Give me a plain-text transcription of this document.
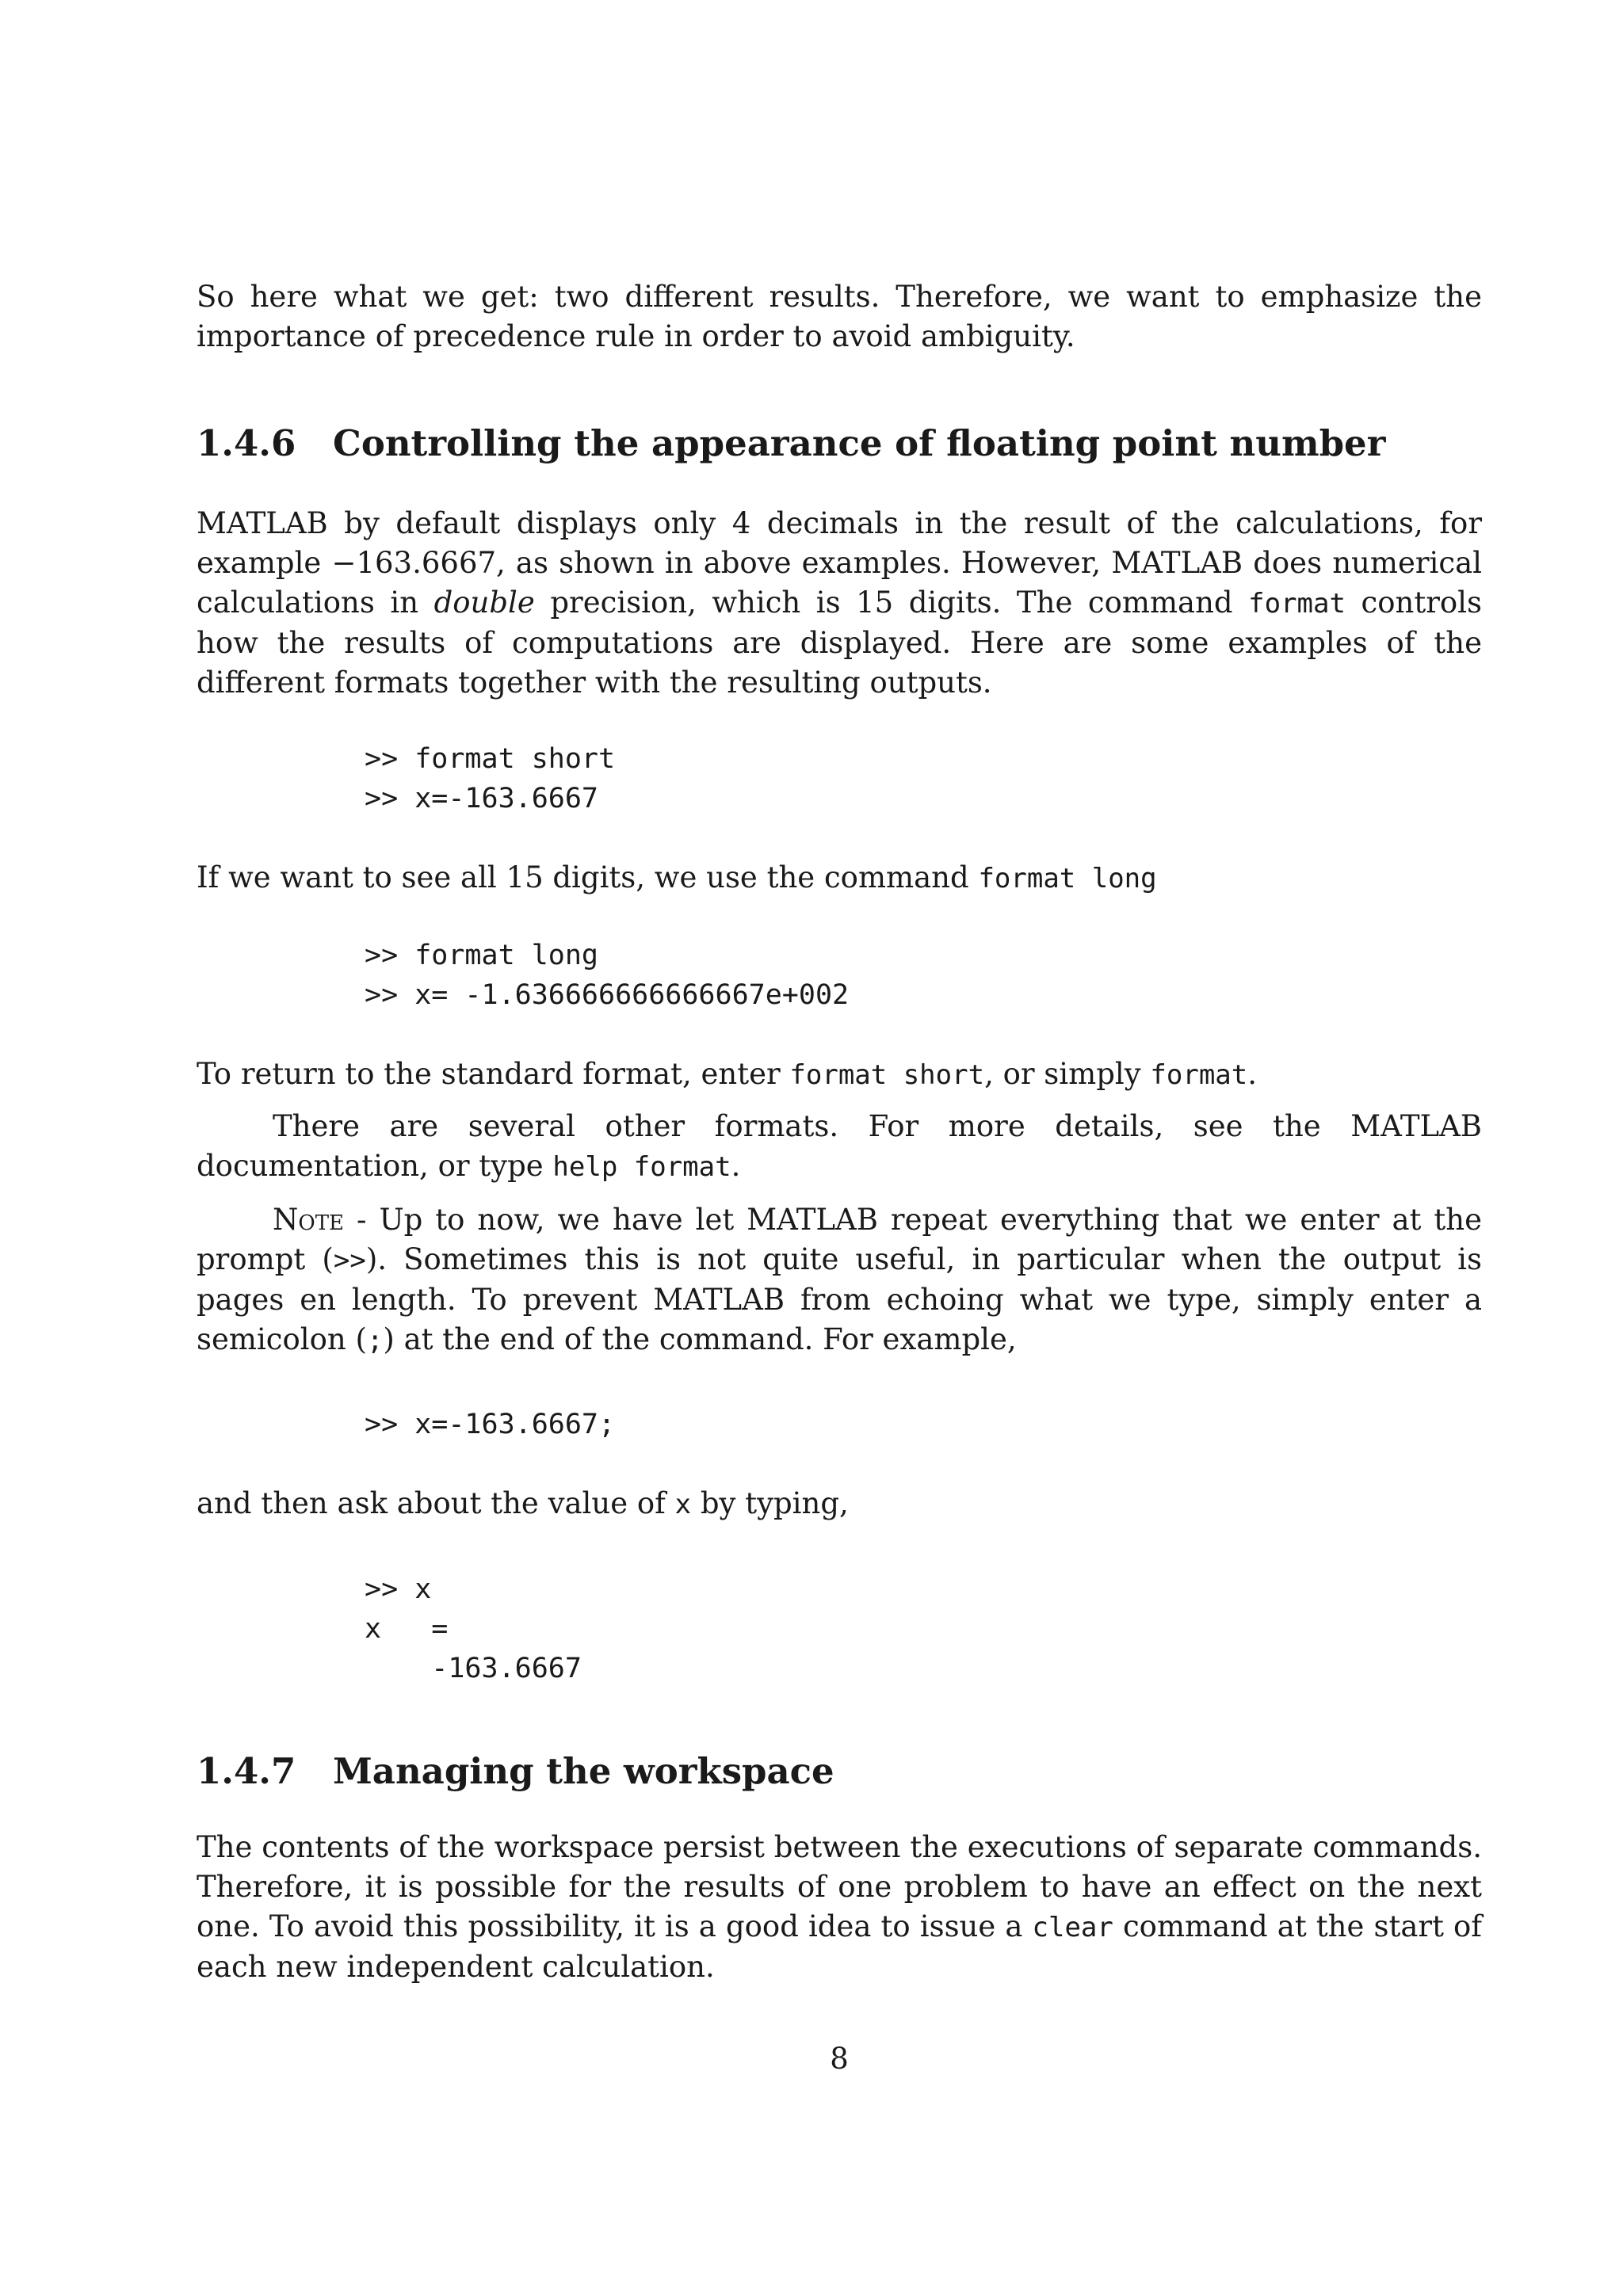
So here what we get: two different results. Therefore, we want to emphasize the importance of precedence rule in order to avoid ambiguity.

1.4.6 Controlling the appearance of floating point number

MATLAB by default displays only 4 decimals in the result of the calculations, for example −163.6667, as shown in above examples. However, MATLAB does numerical calculations in double precision, which is 15 digits. The command format controls how the results of computations are displayed. Here are some examples of the different formats together with the resulting outputs.

>> format short
>> x=-163.6667

If we want to see all 15 digits, we use the command format long

>> format long
>> x= -1.636666666666667e+002

To return to the standard format, enter format short, or simply format.

There are several other formats. For more details, see the MATLAB documentation, or type help format.

Note - Up to now, we have let MATLAB repeat everything that we enter at the prompt (>>). Sometimes this is not quite useful, in particular when the output is pages en length. To prevent MATLAB from echoing what we type, simply enter a semicolon (;) at the end of the command. For example,

>> x=-163.6667;

and then ask about the value of x by typing,

>> x
x   =
-163.6667
1.4.7 Managing the workspace

The contents of the workspace persist between the executions of separate commands. Therefore, it is possible for the results of one problem to have an effect on the next one. To avoid this possibility, it is a good idea to issue a clear command at the start of each new independent calculation.

8
